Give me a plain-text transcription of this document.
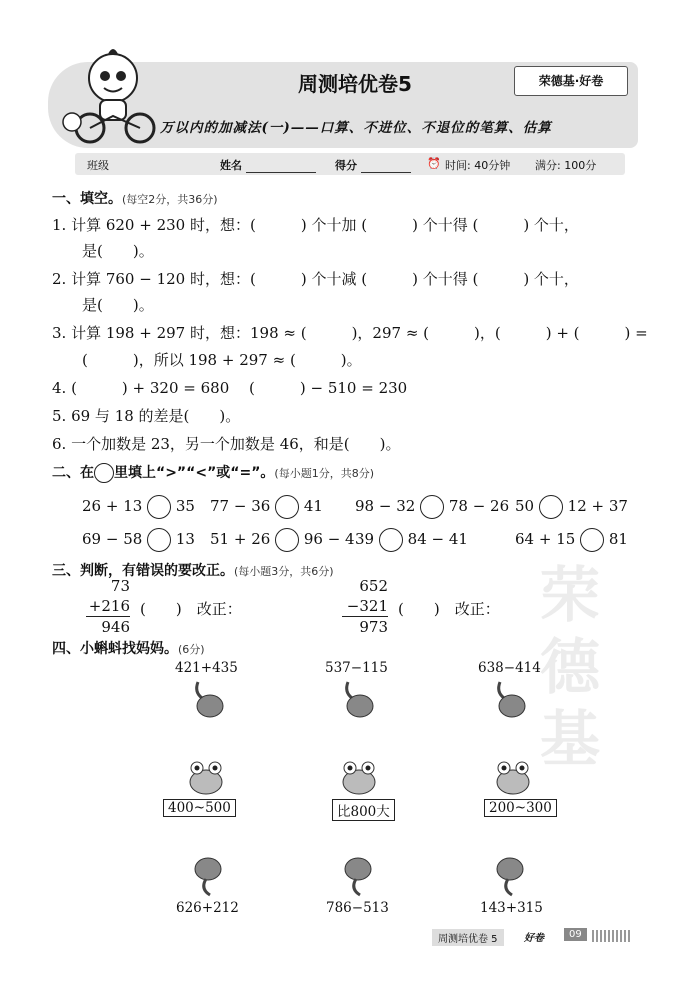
荣德基
周测培优卷5
万以内的加减法(一)——口算、不进位、不退位的笔算、估算
荣德基·好卷
班级	姓名	得分	⏰ 时间: 40分钟 满分: 100分
一、填空。(每空2分，共36分)
1. 计算 620 + 230 时，想：(　　　) 个十加 (　　　) 个十得 (　　　) 个十，
是(　　)。
2. 计算 760 − 120 时，想：(　　　) 个十减 (　　　) 个十得 (　　　) 个十，
是(　　)。
3. 计算 198 + 297 时，想：198 ≈ (　　　)，297 ≈ (　　　)，(　　　) + (　　　) =
(　　　)，所以 198 + 297 ≈ (　　　)。
4. (　　　) + 320 = 680　 (　　　) − 510 = 230
5. 69 与 18 的差是(　　)。
6. 一个加数是 23，另一个加数是 46，和是(　　)。
二、在 里填上“>”“<”或“=”。(每小题1分，共8分)
26 + 13 35 77 − 36 41 98 − 32 78 − 26 50 12 + 37
69 − 58 13 51 + 26 96 − 4 39 84 − 41	64 + 15 81
三、判断，有错误的要改正。(每小题3分，共6分)
73
+216
946
(　　)　 改正：
652
−321
973
(　　)　 改正：
四、小蝌蚪找妈妈。(6分)
421+435	537−115	638−414
400~500	比800大	200~300
626+212	786−513	143+315
周测培优卷 5	好卷	09
